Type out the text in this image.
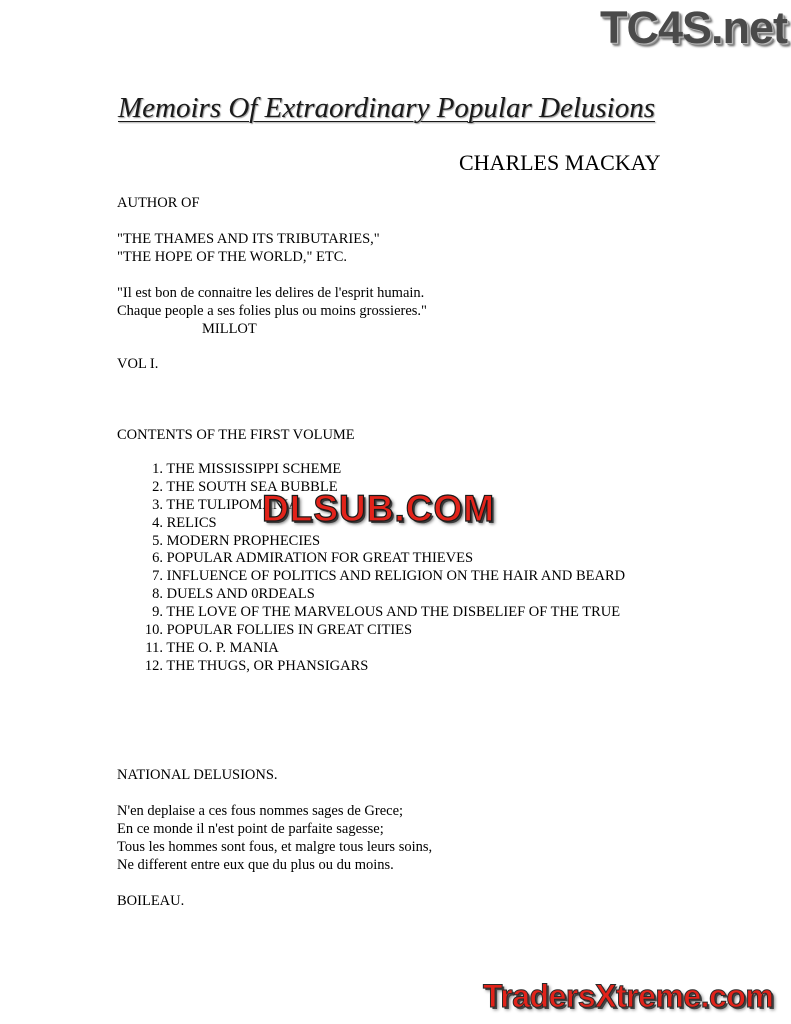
TC4S.net
Memoirs Of Extraordinary Popular Delusions
CHARLES MACKAY
AUTHOR OF
"THE THAMES AND ITS TRIBUTARIES,"
"THE HOPE OF THE WORLD," ETC.
"Il est bon de connaitre les delires de l'esprit humain.
Chaque people a ses folies plus ou moins grossieres."
MILLOT
VOL I.
CONTENTS OF THE FIRST VOLUME
1. THE MISSISSIPPI SCHEME
2. THE SOUTH SEA BUBBLE
3. THE TULIPOMANIA
4. RELICS
5. MODERN PROPHECIES
6. POPULAR ADMIRATION FOR GREAT THIEVES
7. INFLUENCE OF POLITICS AND RELIGION ON THE HAIR AND BEARD
8. DUELS AND 0RDEALS
9. THE LOVE OF THE MARVELOUS AND THE DISBELIEF OF THE TRUE
10. POPULAR FOLLIES IN GREAT CITIES
11. THE O. P. MANIA
12. THE THUGS, OR PHANSIGARS
DLSUB.COM
NATIONAL DELUSIONS.
N'en deplaise a ces fous nommes sages de Grece;
En ce monde il n'est point de parfaite sagesse;
Tous les hommes sont fous, et malgre tous leurs soins,
Ne different entre eux que du plus ou du moins.
BOILEAU.
TradersXtreme.com
